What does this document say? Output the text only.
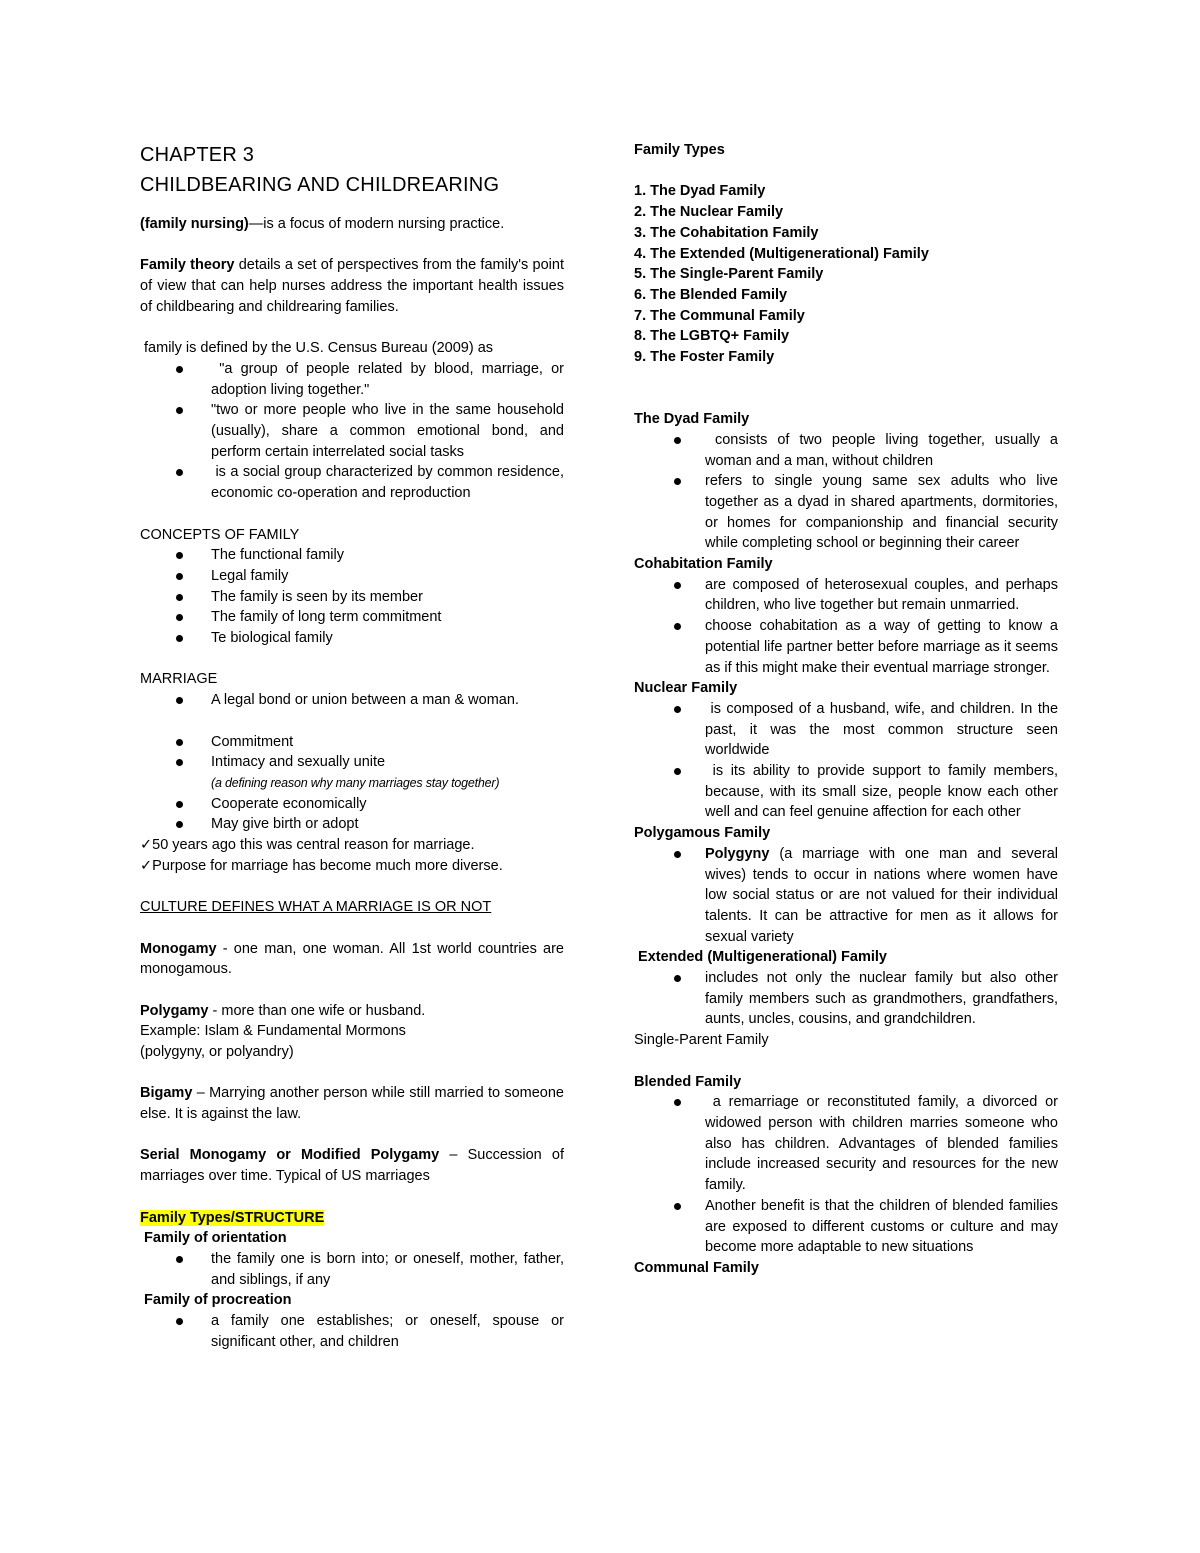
CHAPTER 3

CHILDBEARING AND CHILDREARING

(family nursing)—is a focus of modern nursing practice.

Family theory details a set of perspectives from the family's point of view that can help nurses address the important health issues of childbearing and childrearing families.

family is defined by the U.S. Census Bureau (2009) as

"a group of people related by blood, marriage, or adoption living together."
"two or more people who live in the same household (usually), share a common emotional bond, and perform certain interrelated social tasks
is a social group characterized by common residence, economic co-operation and reproduction

CONCEPTS OF FAMILY

The functional family
Legal family
The family is seen by its member
The family of long term commitment
Te biological family

MARRIAGE

A legal bond or union between a man & woman.
Commitment
Intimacy and sexually unite
(a defining reason why many marriages stay together)
Cooperate economically
May give birth or adopt

✓50 years ago this was central reason for marriage.

✓Purpose for marriage has become much more diverse.

CULTURE DEFINES WHAT A MARRIAGE IS OR NOT

Monogamy - one man, one woman. All 1st world countries are monogamous.

Polygamy - more than one wife or husband.

Example: Islam & Fundamental Mormons

(polygyny, or polyandry)

Bigamy – Marrying another person while still married to someone else. It is against the law.

Serial Monogamy or Modified Polygamy – Succession of marriages over time. Typical of US marriages

Family Types/STRUCTURE

Family of orientation

the family one is born into; or oneself, mother, father, and siblings, if any

Family of procreation

a family one establishes; or oneself, spouse or significant other, and children

Family Types

1. The Dyad Family

2. The Nuclear Family

3. The Cohabitation Family

4. The Extended (Multigenerational) Family

5. The Single-Parent Family

6. The Blended Family

7. The Communal Family

8. The LGBTQ+ Family

9. The Foster Family

The Dyad Family

consists of two people living together, usually a woman and a man, without children
refers to single young same sex adults who live together as a dyad in shared apartments, dormitories, or homes for companionship and financial security while completing school or beginning their career

Cohabitation Family

are composed of heterosexual couples, and perhaps children, who live together but remain unmarried.
choose cohabitation as a way of getting to know a potential life partner better before marriage as it seems as if this might make their eventual marriage stronger.

Nuclear Family

is composed of a husband, wife, and children. In the past, it was the most common structure seen worldwide
is its ability to provide support to family members, because, with its small size, people know each other well and can feel genuine affection for each other

Polygamous Family

Polygyny (a marriage with one man and several wives) tends to occur in nations where women have low social status or are not valued for their individual talents. It can be attractive for men as it allows for sexual variety

Extended (Multigenerational) Family

includes not only the nuclear family but also other family members such as grandmothers, grandfathers, aunts, uncles, cousins, and grandchildren.

Single-Parent Family

Blended Family

a remarriage or reconstituted family, a divorced or widowed person with children marries someone who also has children. Advantages of blended families include increased security and resources for the new family.
Another benefit is that the children of blended families are exposed to different customs or culture and may become more adaptable to new situations

Communal Family
